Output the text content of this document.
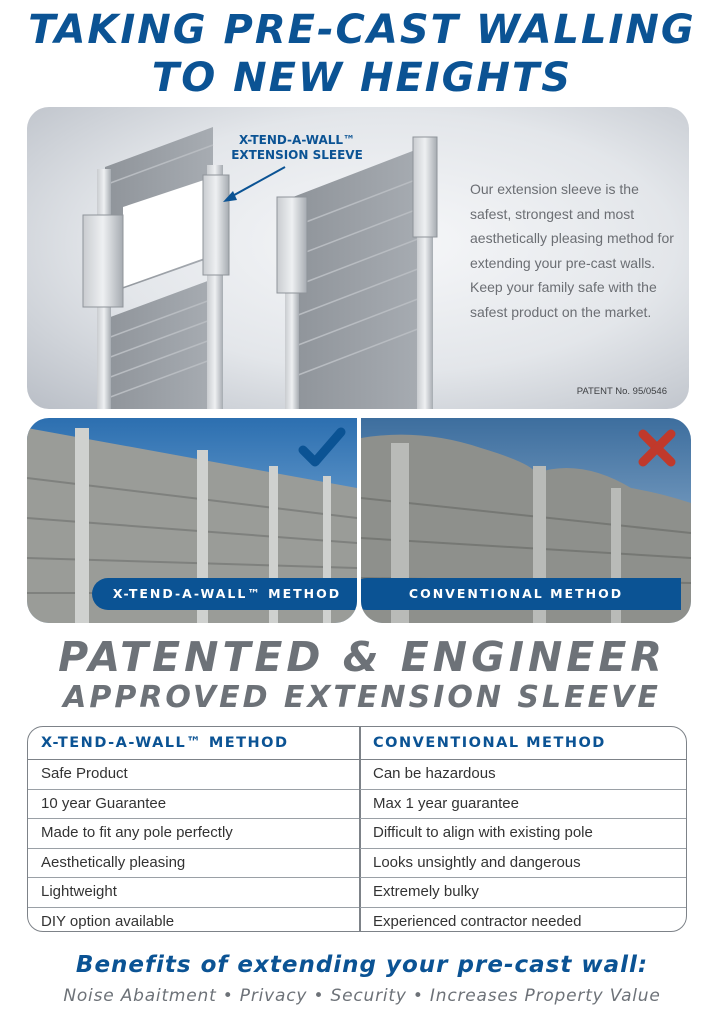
TAKING PRE-CAST WALLING
TO NEW HEIGHTS
X-TEND-A-WALL™
EXTENSION SLEEVE
Our extension sleeve is the safest, strongest and most aesthetically pleasing method for extending your pre-cast walls. Keep your family safe with the safest product on the market.
PATENT No. 95/0546
X-TEND-A-WALL™ METHOD	CONVENTIONAL METHOD
PATENTED & ENGINEER
APPROVED EXTENSION SLEEVE
X-TEND-A-WALL™ METHOD
Safe Product
10 year Guarantee
Made to fit any pole perfectly
Aesthetically pleasing
Lightweight
DIY option available
CONVENTIONAL METHOD
Can be hazardous
Max 1 year guarantee
Difficult to align with existing pole
Looks unsightly and dangerous
Extremely bulky
Experienced contractor needed
Benefits of extending your pre-cast wall:
Noise Abaitment • Privacy • Security • Increases Property Value
